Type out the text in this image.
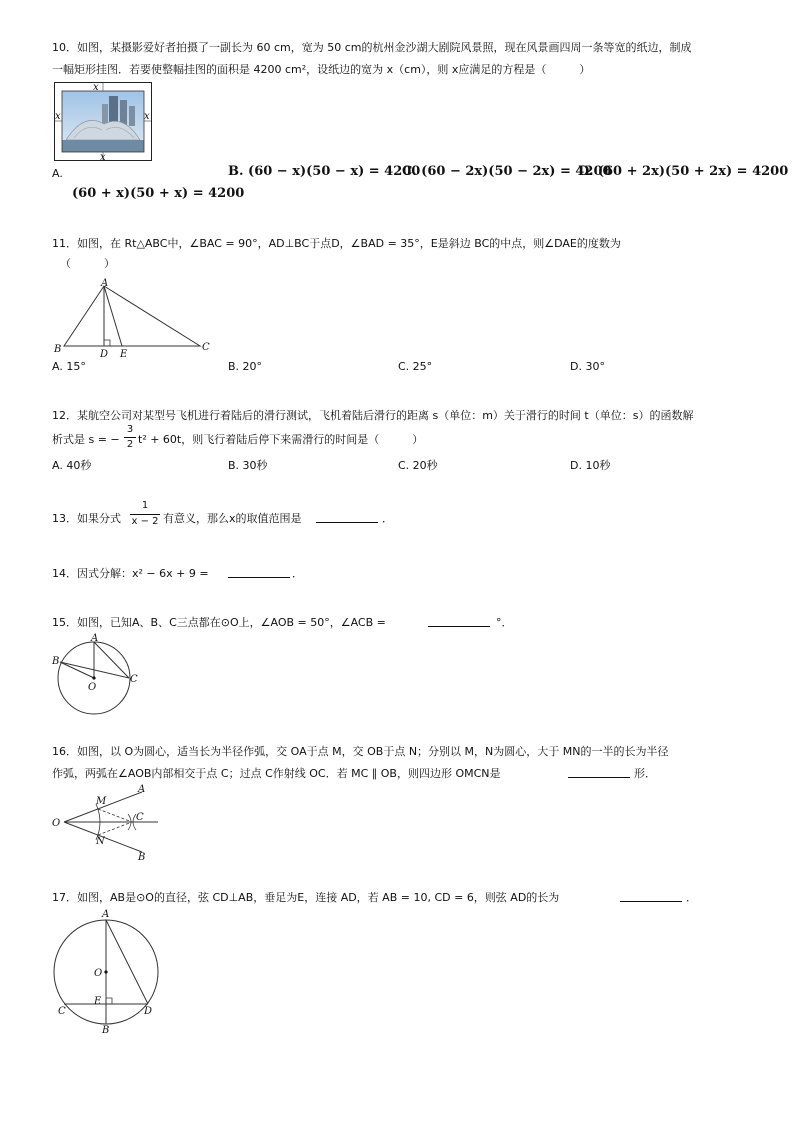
10．如图，某摄影爱好者拍摄了一副长为 60 cm，宽为 50 cm的杭州金沙湖大剧院风景照，现在风景画四周一条等宽的纸边，制成
一幅矩形挂图．若要使整幅挂图的面积是 4200 cm²，设纸边的宽为 x（cm），则 x应满足的方程是（　　　）
x
x
x	x
A.	B. (60 − x)(50 − x) = 4200
C. (60 − 2x)(50 − 2x) = 4200
D. (60 + 2x)(50 + 2x) = 4200
(60 + x)(50 + x) = 4200
11．如图，在 Rt△ABC中，∠BAC = 90°，AD⊥BC于点D，∠BAD = 35°，E是斜边 BC的中点，则∠DAE的度数为
（　　　）
A
B	C
D E
A. 15°	B. 20°	C. 25°	D. 30°
12．某航空公司对某型号飞机进行着陆后的滑行测试，飞机着陆后滑行的距离 s（单位：m）关于滑行的时间 t（单位：s）的函数解
析式是 s = −
3
2 t² + 60t，则飞行着陆后停下来需滑行的时间是（　　　）
A. 40秒	B. 30秒	C. 20秒	D. 10秒
13．如果分式
1
x − 2 有意义，那么x的取值范围是	．
14．因式分解：x² − 6x + 9 =	．
15．如图，已知A、B、C三点都在⊙O上，∠AOB = 50°，∠ACB =	°．
A
B
C
O
16．如图，以 O为圆心，适当长为半径作弧，交 OA于点 M，交 OB于点 N；分别以 M，N为圆心，大于 MN的一半的长为半径
作弧，两弧在∠AOB内部相交于点 C；过点 C作射线 OC．若 MC ∥ OB，则四边形 OMCN是	形．
O
A
B
M
N
C
17．如图，AB是⊙O的直径，弦 CD⊥AB，垂足为E，连接 AD，若 AB = 10, CD = 6，则弦 AD的长为	．
A
O
E
C	D
B
